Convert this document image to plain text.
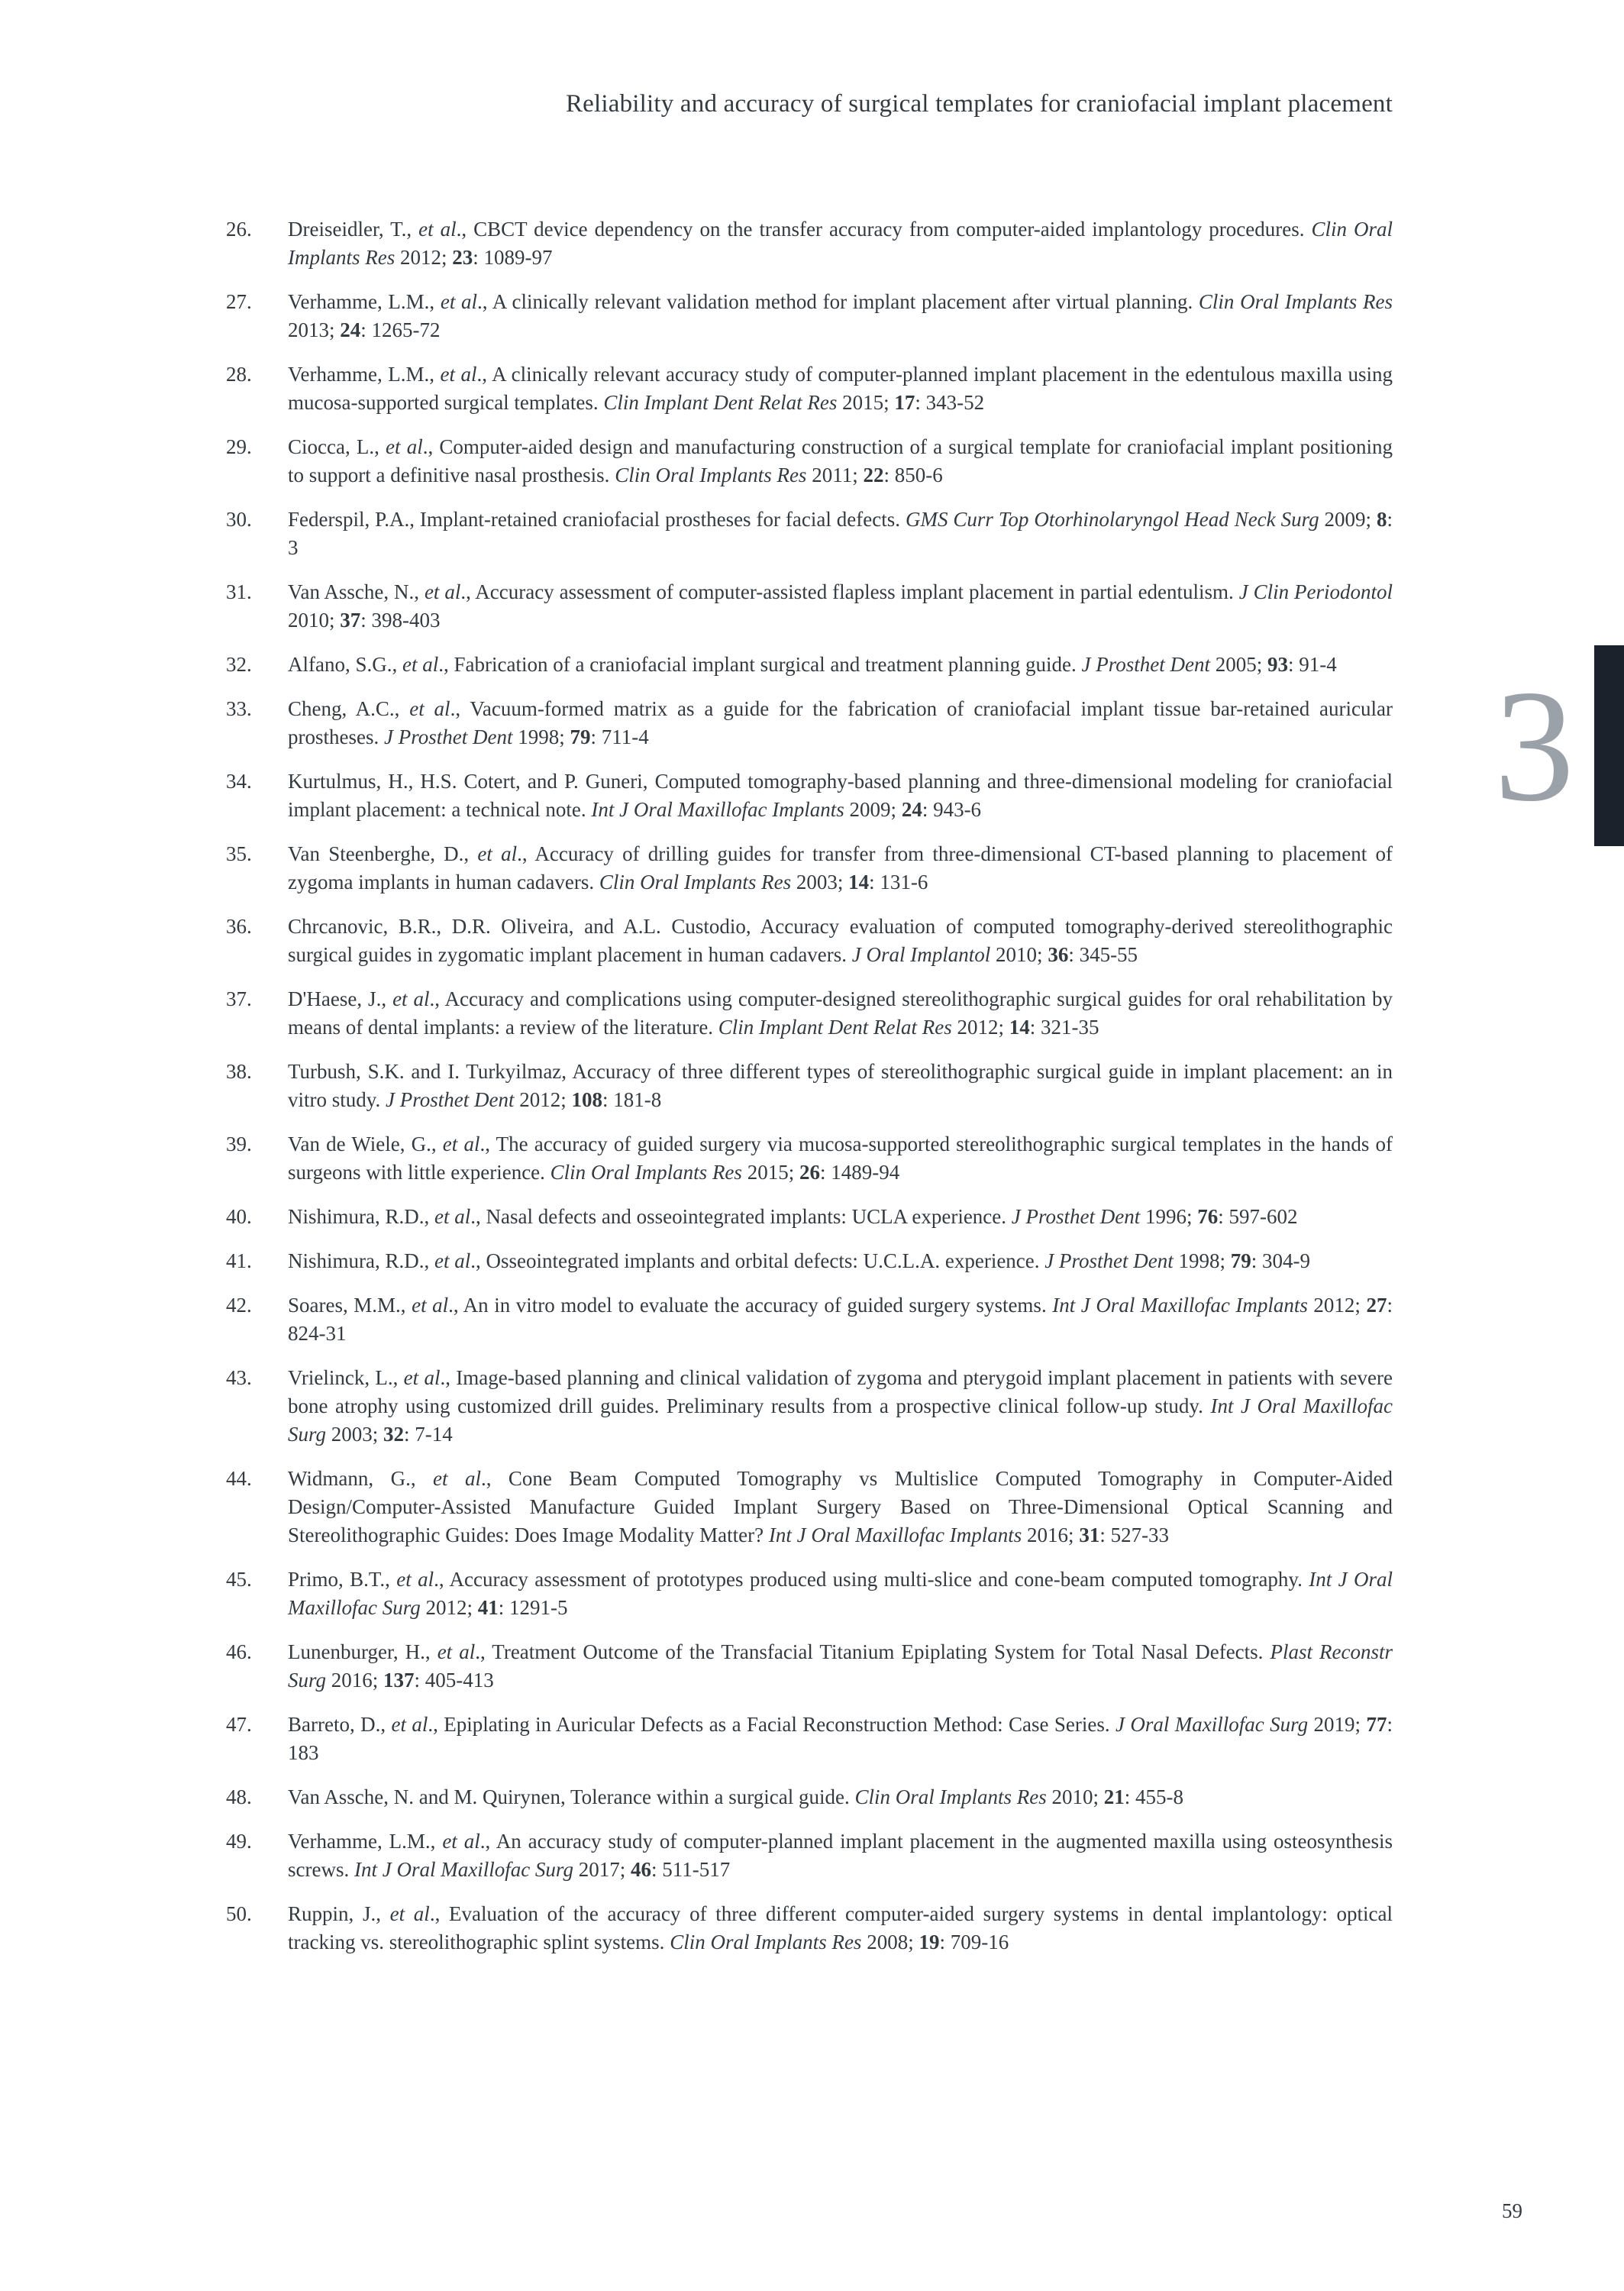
Reliability and accuracy of surgical templates for craniofacial implant placement
26.	Dreiseidler, T., et al., CBCT device dependency on the transfer accuracy from computer-aided implantology procedures. Clin Oral Implants Res 2012; 23: 1089-97

27.	Verhamme, L.M., et al., A clinically relevant validation method for implant placement after virtual planning. Clin Oral Implants Res 2013; 24: 1265-72

28.	Verhamme, L.M., et al., A clinically relevant accuracy study of computer-planned implant placement in the edentulous maxilla using mucosa-supported surgical templates. Clin Implant Dent Relat Res 2015; 17: 343-52

29.	Ciocca, L., et al., Computer-aided design and manufacturing construction of a surgical template for craniofacial implant positioning to support a definitive nasal prosthesis. Clin Oral Implants Res 2011; 22: 850-6

30.	Federspil, P.A., Implant-retained craniofacial prostheses for facial defects. GMS Curr Top Otorhinolaryngol Head Neck Surg 2009; 8: 3

31.	Van Assche, N., et al., Accuracy assessment of computer-assisted flapless implant placement in partial edentulism. J Clin Periodontol 2010; 37: 398-403

32.	Alfano, S.G., et al., Fabrication of a craniofacial implant surgical and treatment planning guide. J Prosthet Dent 2005; 93: 91-4

33.	Cheng, A.C., et al., Vacuum-formed matrix as a guide for the fabrication of craniofacial implant tissue bar-retained auricular prostheses. J Prosthet Dent 1998; 79: 711-4

34.	Kurtulmus, H., H.S. Cotert, and P. Guneri, Computed tomography-based planning and three-dimensional modeling for craniofacial implant placement: a technical note. Int J Oral Maxillofac Implants 2009; 24: 943-6

35.	Van Steenberghe, D., et al., Accuracy of drilling guides for transfer from three-dimensional CT-based planning to placement of zygoma implants in human cadavers. Clin Oral Implants Res 2003; 14: 131-6

36.	Chrcanovic, B.R., D.R. Oliveira, and A.L. Custodio, Accuracy evaluation of computed tomography-derived stereolithographic surgical guides in zygomatic implant placement in human cadavers. J Oral Implantol 2010; 36: 345-55

37.	D'Haese, J., et al., Accuracy and complications using computer-designed stereolithographic surgical guides for oral rehabilitation by means of dental implants: a review of the literature. Clin Implant Dent Relat Res 2012; 14: 321-35

38.	Turbush, S.K. and I. Turkyilmaz, Accuracy of three different types of stereolithographic surgical guide in implant placement: an in vitro study. J Prosthet Dent 2012; 108: 181-8

39.	Van de Wiele, G., et al., The accuracy of guided surgery via mucosa-supported stereolithographic surgical templates in the hands of surgeons with little experience. Clin Oral Implants Res 2015; 26: 1489-94

40.	Nishimura, R.D., et al., Nasal defects and osseointegrated implants: UCLA experience. J Prosthet Dent 1996; 76: 597-602

41.	Nishimura, R.D., et al., Osseointegrated implants and orbital defects: U.C.L.A. experience. J Prosthet Dent 1998; 79: 304-9

42.	Soares, M.M., et al., An in vitro model to evaluate the accuracy of guided surgery systems. Int J Oral Maxillofac Implants 2012; 27: 824-31

43.	Vrielinck, L., et al., Image-based planning and clinical validation of zygoma and pterygoid implant placement in patients with severe bone atrophy using customized drill guides. Preliminary results from a prospective clinical follow-up study. Int J Oral Maxillofac Surg 2003; 32: 7-14

44.	Widmann, G., et al., Cone Beam Computed Tomography vs Multislice Computed Tomography in Computer-Aided Design/Computer-Assisted Manufacture Guided Implant Surgery Based on Three-Dimensional Optical Scanning and Stereolithographic Guides: Does Image Modality Matter? Int J Oral Maxillofac Implants 2016; 31: 527-33

45.	Primo, B.T., et al., Accuracy assessment of prototypes produced using multi-slice and cone-beam computed tomography. Int J Oral Maxillofac Surg 2012; 41: 1291-5

46.	Lunenburger, H., et al., Treatment Outcome of the Transfacial Titanium Epiplating System for Total Nasal Defects. Plast Reconstr Surg 2016; 137: 405-413

47.	Barreto, D., et al., Epiplating in Auricular Defects as a Facial Reconstruction Method: Case Series. J Oral Maxillofac Surg 2019; 77: 183

48.	Van Assche, N. and M. Quirynen, Tolerance within a surgical guide. Clin Oral Implants Res 2010; 21: 455-8

49.	Verhamme, L.M., et al., An accuracy study of computer-planned implant placement in the augmented maxilla using osteosynthesis screws. Int J Oral Maxillofac Surg 2017; 46: 511-517

50.	Ruppin, J., et al., Evaluation of the accuracy of three different computer-aided surgery systems in dental implantology: optical tracking vs. stereolithographic splint systems. Clin Oral Implants Res 2008; 19: 709-16

3
59
